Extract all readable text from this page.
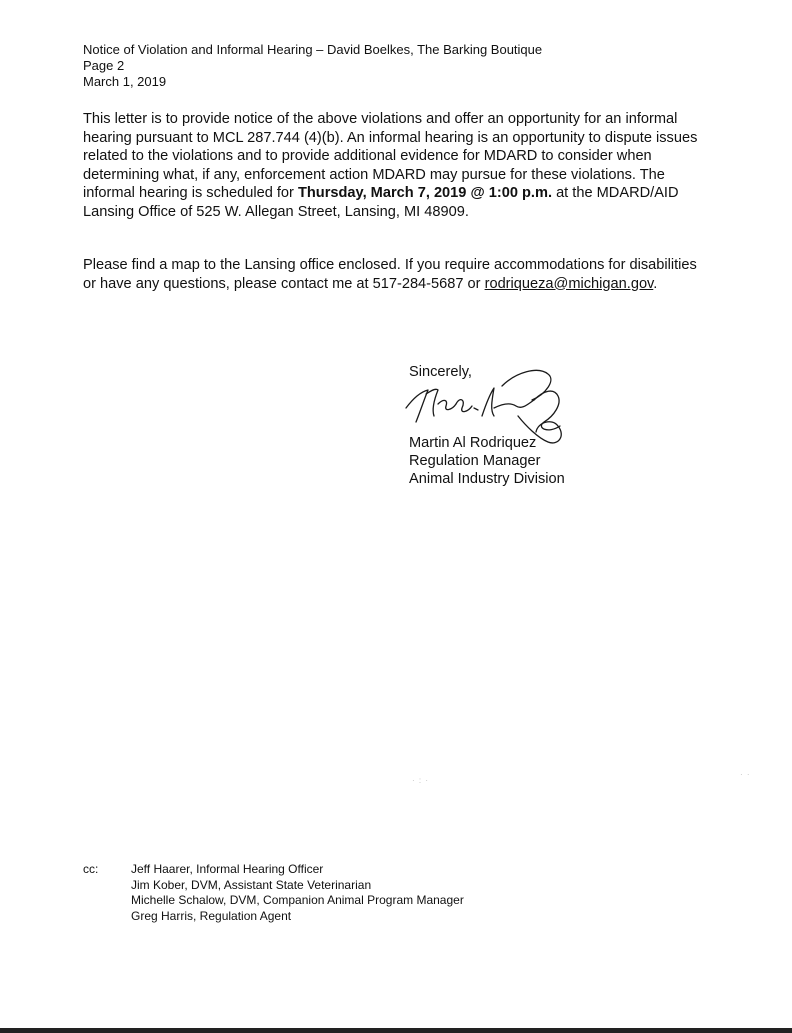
Notice of Violation and Informal Hearing – David Boelkes, The Barking Boutique
Page 2
March 1, 2019

This letter is to provide notice of the above violations and offer an opportunity for an informal hearing pursuant to MCL 287.744 (4)(b). An informal hearing is an opportunity to dispute issues related to the violations and to provide additional evidence for MDARD to consider when determining what, if any, enforcement action MDARD may pursue for these violations. The informal hearing is scheduled for Thursday, March 7, 2019 @ 1:00 p.m. at the MDARD/AID Lansing Office of 525 W. Allegan Street, Lansing, MI 48909.

Please find a map to the Lansing office enclosed. If you require accommodations for disabilities or have any questions, please contact me at 517-284-5687 or rodriqueza@michigan.gov.

Sincerely,
Martin Al Rodriquez
Regulation Manager
Animal Industry Division
· : ·
· ·
cc:	Jeff Haarer, Informal Hearing Officer
Jim Kober, DVM, Assistant State Veterinarian
Michelle Schalow, DVM, Companion Animal Program Manager
Greg Harris, Regulation Agent
